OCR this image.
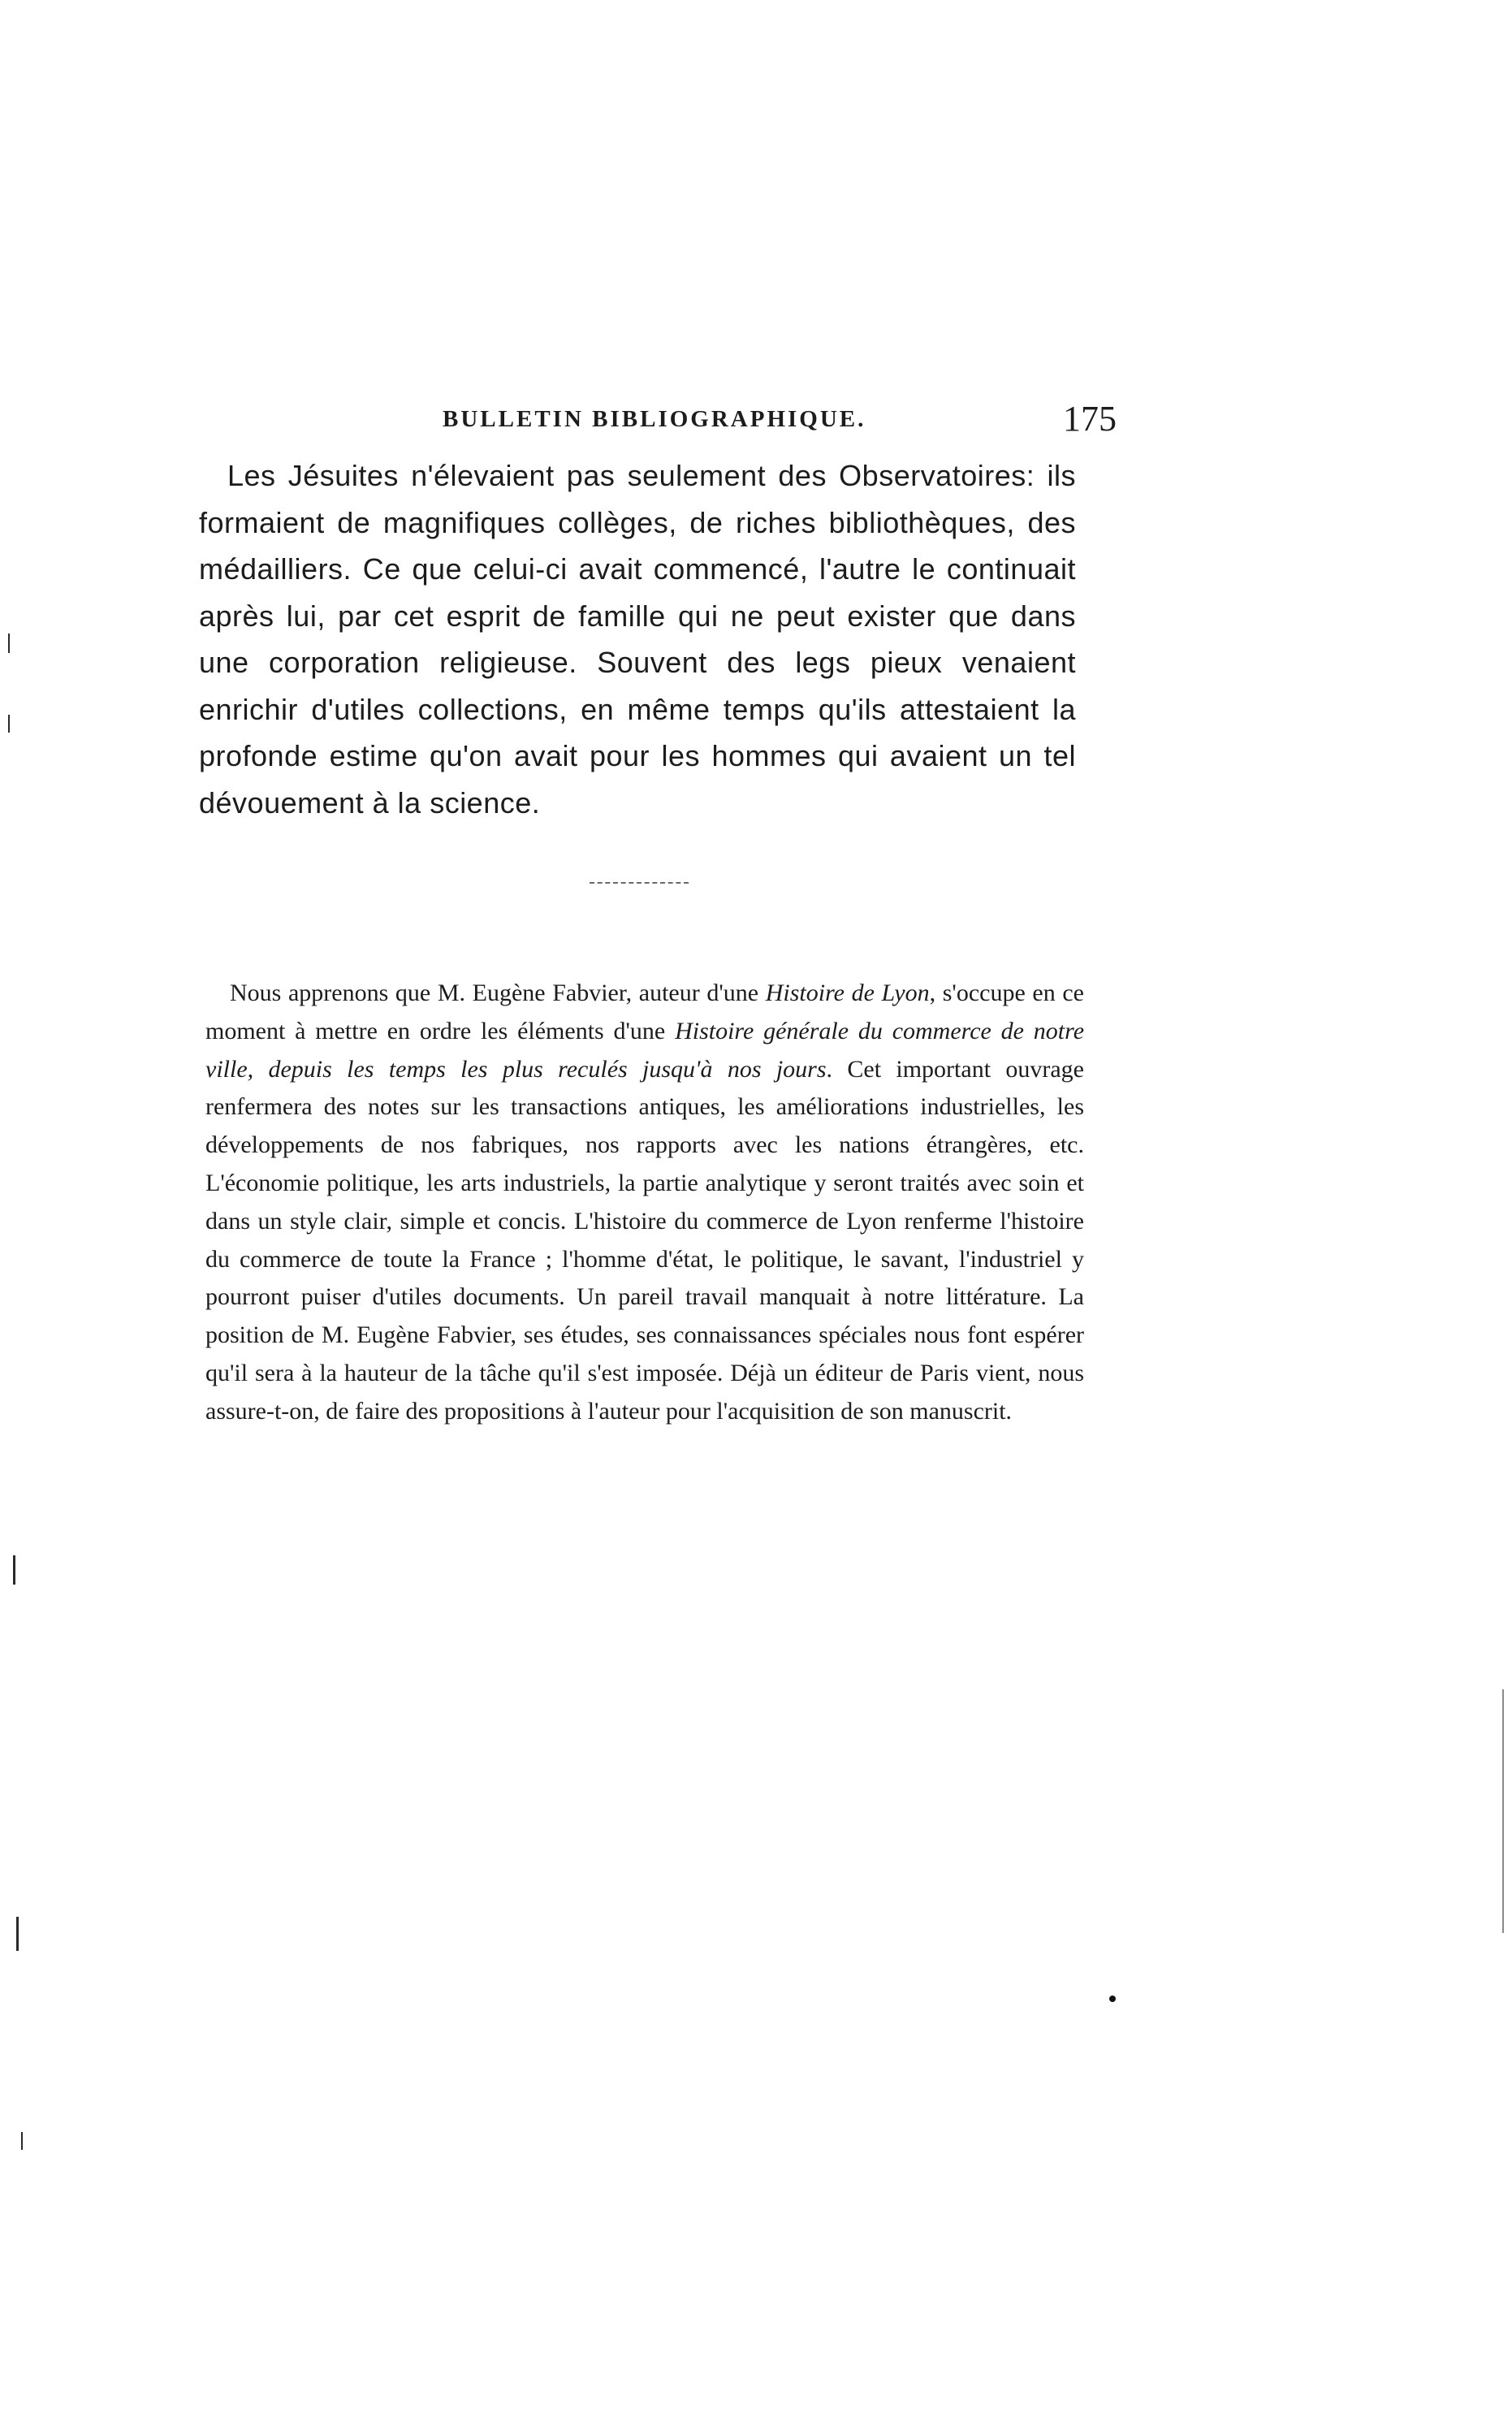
BULLETIN BIBLIOGRAPHIQUE.	175

Les Jésuites n'élevaient pas seulement des Observatoires: ils formaient de magnifiques collèges, de riches bibliothèques, des médailliers. Ce que celui-ci avait commencé, l'autre le continuait après lui, par cet esprit de famille qui ne peut exister que dans une corporation religieuse. Souvent des legs pieux venaient enrichir d'utiles collections, en même temps qu'ils attestaient la profonde estime qu'on avait pour les hommes qui avaient un tel dévouement à la science.

Nous apprenons que M. Eugène Fabvier, auteur d'une Histoire de Lyon, s'occupe en ce moment à mettre en ordre les éléments d'une Histoire générale du commerce de notre ville, depuis les temps les plus reculés jusqu'à nos jours. Cet important ouvrage renfermera des notes sur les transactions antiques, les améliorations industrielles, les développements de nos fabriques, nos rapports avec les nations étrangères, etc. L'économie politique, les arts industriels, la partie analytique y seront traités avec soin et dans un style clair, simple et concis. L'histoire du commerce de Lyon renferme l'histoire du commerce de toute la France ; l'homme d'état, le politique, le savant, l'industriel y pourront puiser d'utiles documents. Un pareil travail manquait à notre littérature. La position de M. Eugène Fabvier, ses études, ses connaissances spéciales nous font espérer qu'il sera à la hauteur de la tâche qu'il s'est imposée. Déjà un éditeur de Paris vient, nous assure-t-on, de faire des propositions à l'auteur pour l'acquisition de son manuscrit.
